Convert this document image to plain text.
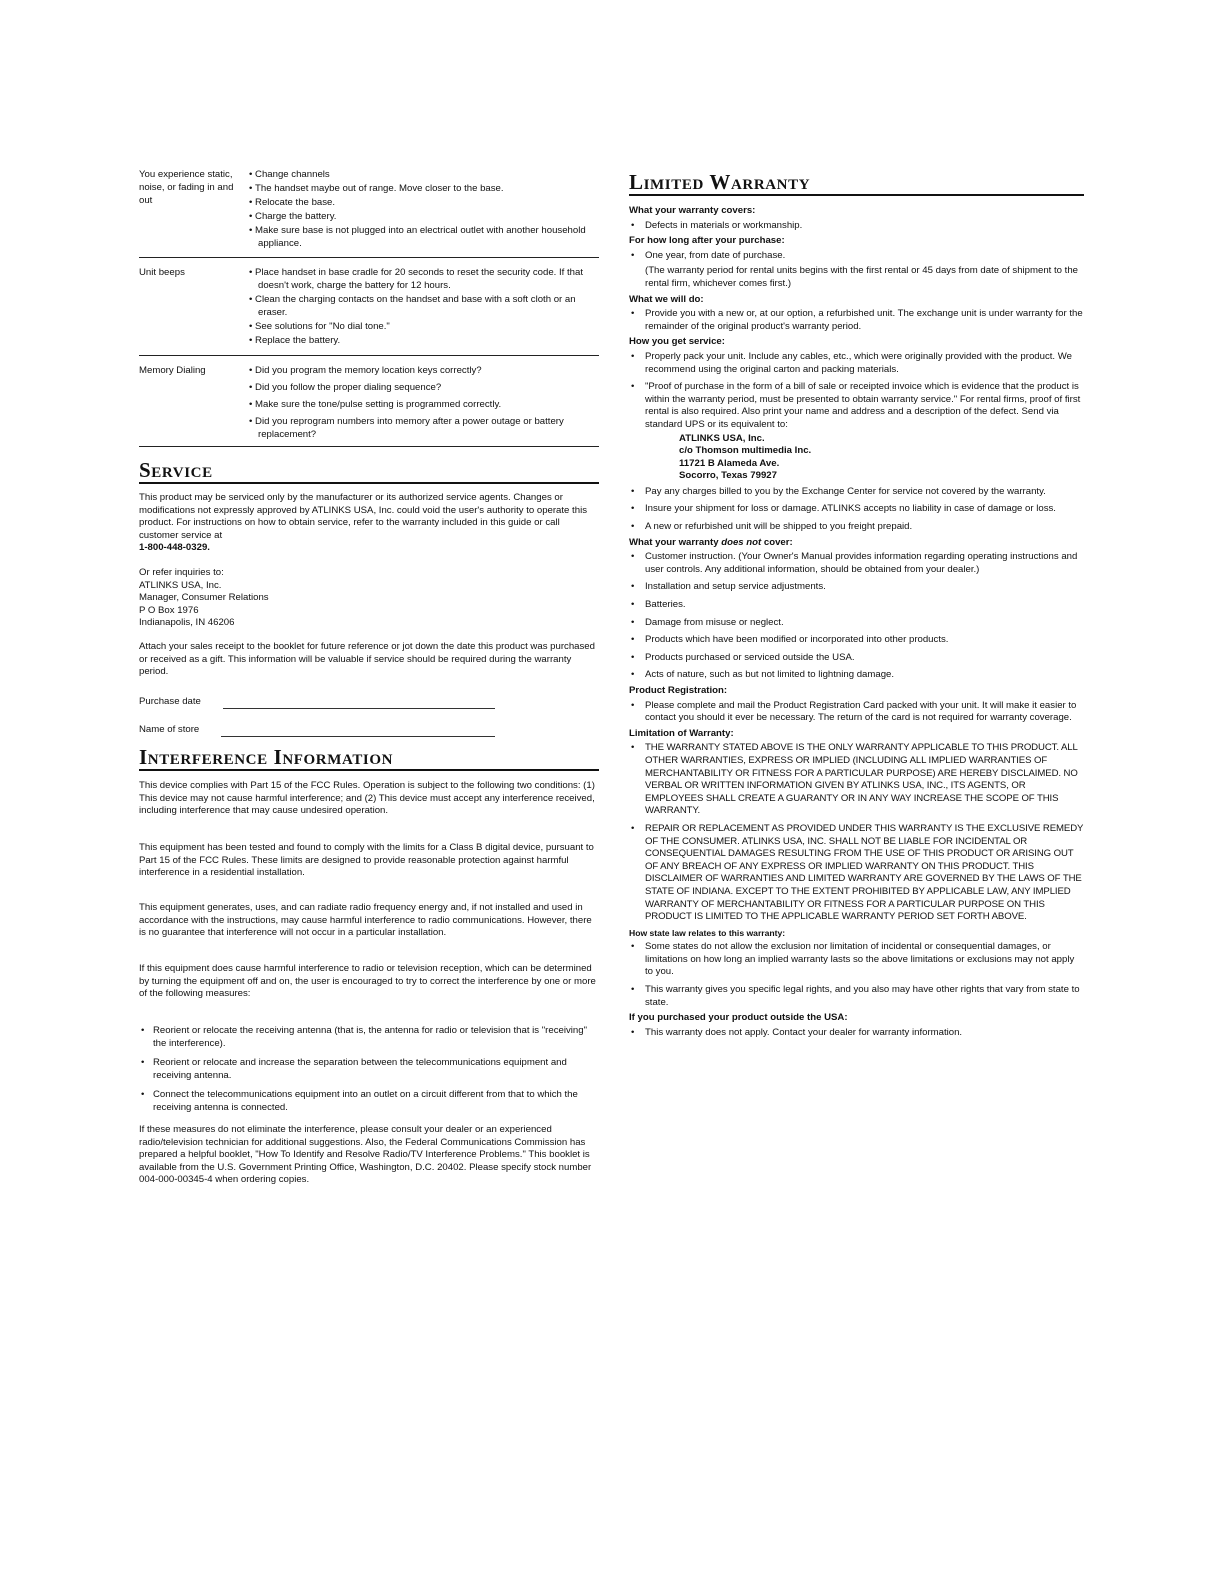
You experience static, noise, or fading in and out
• Change channels
• The handset maybe out of range. Move closer to the base.
• Relocate the base.
• Charge the battery.
• Make sure base is not plugged into an electrical outlet with another household appliance.
Unit beeps	• Place handset in base cradle for 20 seconds to reset the security code. If that doesn't work, charge the battery for 12 hours.
• Clean the charging contacts on the handset and base with a soft cloth or an eraser.
• See solutions for "No dial tone."
• Replace the battery.
Memory Dialing	• Did you program the memory location keys correctly?
• Did you follow the proper dialing sequence?
• Make sure the tone/pulse setting is programmed correctly.
• Did you reprogram numbers into memory after a power outage or battery replacement?
Service

This product may be serviced only by the manufacturer or its authorized service agents. Changes or modifications not expressly approved by ATLINKS USA, Inc. could void the user's authority to operate this product. For instructions on how to obtain service, refer to the warranty included in this guide or call customer service at
1-800-448-0329.

Or refer inquiries to:
ATLINKS USA, Inc.
Manager, Consumer Relations
P O Box 1976
Indianapolis, IN 46206

Attach your sales receipt to the booklet for future reference or jot down the date this product was purchased or received as a gift. This information will be valuable if service should be required during the warranty period.

Purchase date
Name of store
Interference Information

This device complies with Part 15 of the FCC Rules. Operation is subject to the following two conditions: (1) This device may not cause harmful interference; and (2) This device must accept any interference received, including interference that may cause undesired operation.

This equipment has been tested and found to comply with the limits for a Class B digital device, pursuant to Part 15 of the FCC Rules. These limits are designed to provide reasonable protection against harmful interference in a residential installation.

This equipment generates, uses, and can radiate radio frequency energy and, if not installed and used in accordance with the instructions, may cause harmful interference to radio communications. However, there is no guarantee that interference will not occur in a particular installation.

If this equipment does cause harmful interference to radio or television reception, which can be determined by turning the equipment off and on, the user is encouraged to try to correct the interference by one or more of the following measures:

• Reorient or relocate the receiving antenna (that is, the antenna for radio or television that is "receiving" the interference).
• Reorient or relocate and increase the separation between the telecommunications equipment and receiving antenna.
• Connect the telecommunications equipment into an outlet on a circuit different from that to which the receiving antenna is connected.

If these measures do not eliminate the interference, please consult your dealer or an experienced radio/television technician for additional suggestions. Also, the Federal Communications Commission has prepared a helpful booklet, "How To Identify and Resolve Radio/TV Interference Problems." This booklet is available from the U.S. Government Printing Office, Washington, D.C. 20402. Please specify stock number 004-000-00345-4 when ordering copies.

Limited Warranty
What your warranty covers:
• Defects in materials or workmanship.
For how long after your purchase:
• One year, from date of purchase.
(The warranty period for rental units begins with the first rental or 45 days from date of shipment to the rental firm, whichever comes first.)
What we will do:
• Provide you with a new or, at our option, a refurbished unit. The exchange unit is under warranty for the remainder of the original product's warranty period.
How you get service:
• Properly pack your unit. Include any cables, etc., which were originally provided with the product. We recommend using the original carton and packing materials.
• "Proof of purchase in the form of a bill of sale or receipted invoice which is evidence that the product is within the warranty period, must be presented to obtain warranty service." For rental firms, proof of first rental is also required. Also print your name and address and a description of the defect. Send via standard UPS or its equivalent to:
ATLINKS USA, Inc.
c/o Thomson multimedia Inc.
11721 B Alameda Ave.
Socorro, Texas 79927
• Pay any charges billed to you by the Exchange Center for service not covered by the warranty.
• Insure your shipment for loss or damage. ATLINKS accepts no liability in case of damage or loss.
• A new or refurbished unit will be shipped to you freight prepaid.
What your warranty does not cover:
• Customer instruction. (Your Owner's Manual provides information regarding operating instructions and user controls. Any additional information, should be obtained from your dealer.)
• Installation and setup service adjustments.
• Batteries.
• Damage from misuse or neglect.
• Products which have been modified or incorporated into other products.
• Products purchased or serviced outside the USA.
• Acts of nature, such as but not limited to lightning damage.
Product Registration:
• Please complete and mail the Product Registration Card packed with your unit. It will make it easier to contact you should it ever be necessary. The return of the card is not required for warranty coverage.
Limitation of Warranty:
• THE WARRANTY STATED ABOVE IS THE ONLY WARRANTY APPLICABLE TO THIS PRODUCT. ALL OTHER WARRANTIES, EXPRESS OR IMPLIED (INCLUDING ALL IMPLIED WARRANTIES OF MERCHANTABILITY OR FITNESS FOR A PARTICULAR PURPOSE) ARE HEREBY DISCLAIMED. NO VERBAL OR WRITTEN INFORMATION GIVEN BY ATLINKS USA, INC., ITS AGENTS, OR EMPLOYEES SHALL CREATE A GUARANTY OR IN ANY WAY INCREASE THE SCOPE OF THIS WARRANTY.
• REPAIR OR REPLACEMENT AS PROVIDED UNDER THIS WARRANTY IS THE EXCLUSIVE REMEDY OF THE CONSUMER. ATLINKS USA, INC. SHALL NOT BE LIABLE FOR INCIDENTAL OR CONSEQUENTIAL DAMAGES RESULTING FROM THE USE OF THIS PRODUCT OR ARISING OUT OF ANY BREACH OF ANY EXPRESS OR IMPLIED WARRANTY ON THIS PRODUCT. THIS DISCLAIMER OF WARRANTIES AND LIMITED WARRANTY ARE GOVERNED BY THE LAWS OF THE STATE OF INDIANA. EXCEPT TO THE EXTENT PROHIBITED BY APPLICABLE LAW, ANY IMPLIED WARRANTY OF MERCHANTABILITY OR FITNESS FOR A PARTICULAR PURPOSE ON THIS PRODUCT IS LIMITED TO THE APPLICABLE WARRANTY PERIOD SET FORTH ABOVE.
How state law relates to this warranty:
• Some states do not allow the exclusion nor limitation of incidental or consequential damages, or limitations on how long an implied warranty lasts so the above limitations or exclusions may not apply to you.
• This warranty gives you specific legal rights, and you also may have other rights that vary from state to state.
If you purchased your product outside the USA:
• This warranty does not apply. Contact your dealer for warranty information.
